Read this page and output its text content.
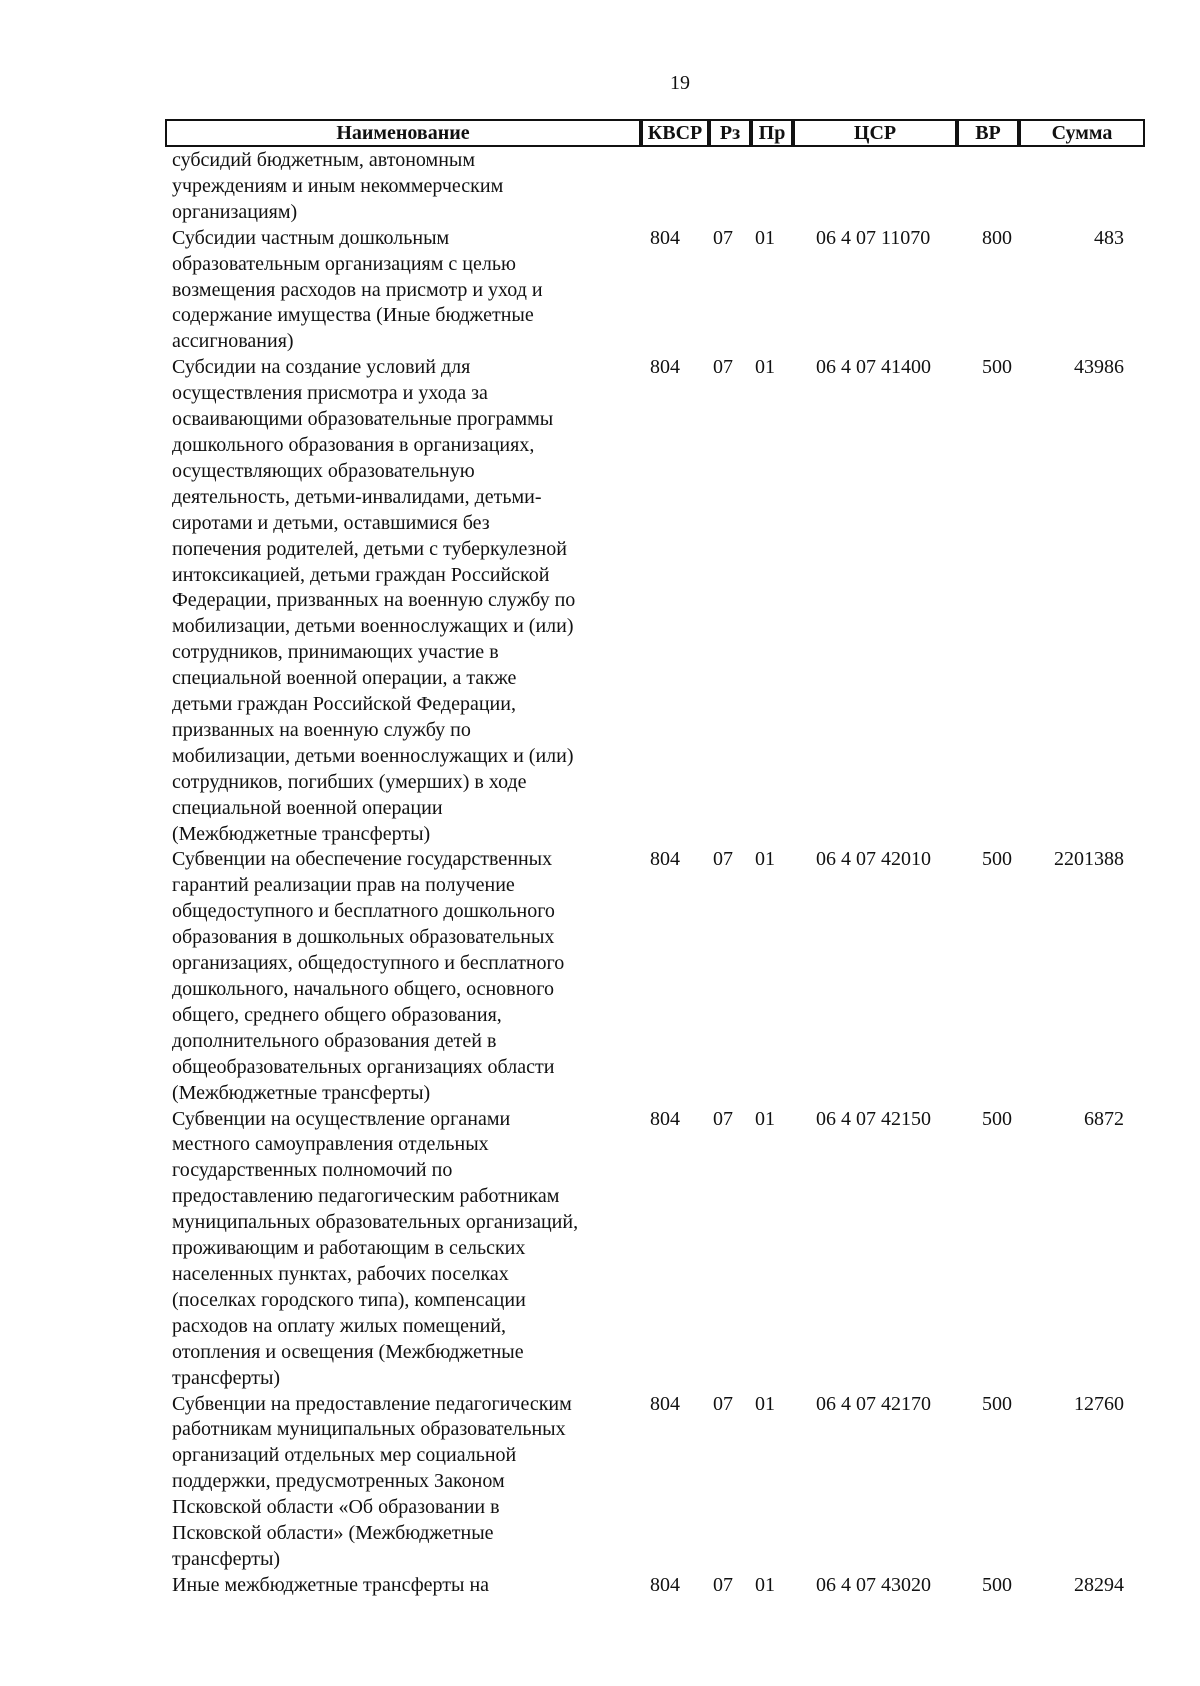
19
Наименование	КВСР Рз Пр	ЦСР	ВР	Сумма
субсидий бюджетным, автономным
учреждениям и иным некоммерческим
организациям)
Субсидии частным дошкольным
образовательным организациям с целью
возмещения расходов на присмотр и уход и
содержание имущества (Иные бюджетные
ассигнования)
804 07 01 06 4 07 11070	800	483
Субсидии на создание условий для
осуществления присмотра и ухода за
осваивающими образовательные программы
дошкольного образования в организациях,
осуществляющих образовательную
деятельность, детьми-инвалидами, детьми-
сиротами и детьми, оставшимися без
попечения родителей, детьми с туберкулезной
интоксикацией, детьми граждан Российской
Федерации, призванных на военную службу по
мобилизации, детьми военнослужащих и (или)
сотрудников, принимающих участие в
специальной военной операции, а также
детьми граждан Российской Федерации,
призванных на военную службу по
мобилизации, детьми военнослужащих и (или)
сотрудников, погибших (умерших) в ходе
специальной военной операции
(Межбюджетные трансферты)
804 07 01 06 4 07 41400	500	43986
Субвенции на обеспечение государственных
гарантий реализации прав на получение
общедоступного и бесплатного дошкольного
образования в дошкольных образовательных
организациях, общедоступного и бесплатного
дошкольного, начального общего, основного
общего, среднего общего образования,
дополнительного образования детей в
общеобразовательных организациях области
(Межбюджетные трансферты)
804 07 01 06 4 07 42010	500 2201388
Субвенции на осуществление органами
местного самоуправления отдельных
государственных полномочий по
предоставлению педагогическим работникам
муниципальных образовательных организаций,
проживающим и работающим в сельских
населенных пунктах, рабочих поселках
(поселках городского типа), компенсации
расходов на оплату жилых помещений,
отопления и освещения (Межбюджетные
трансферты)
804 07 01 06 4 07 42150	500	6872
Субвенции на предоставление педагогическим
работникам муниципальных образовательных
организаций отдельных мер социальной
поддержки, предусмотренных Законом
Псковской области «Об образовании в
Псковской области» (Межбюджетные
трансферты)
804 07 01 06 4 07 42170	500	12760
Иные межбюджетные трансферты на	804 07 01 06 4 07 43020	500	28294
